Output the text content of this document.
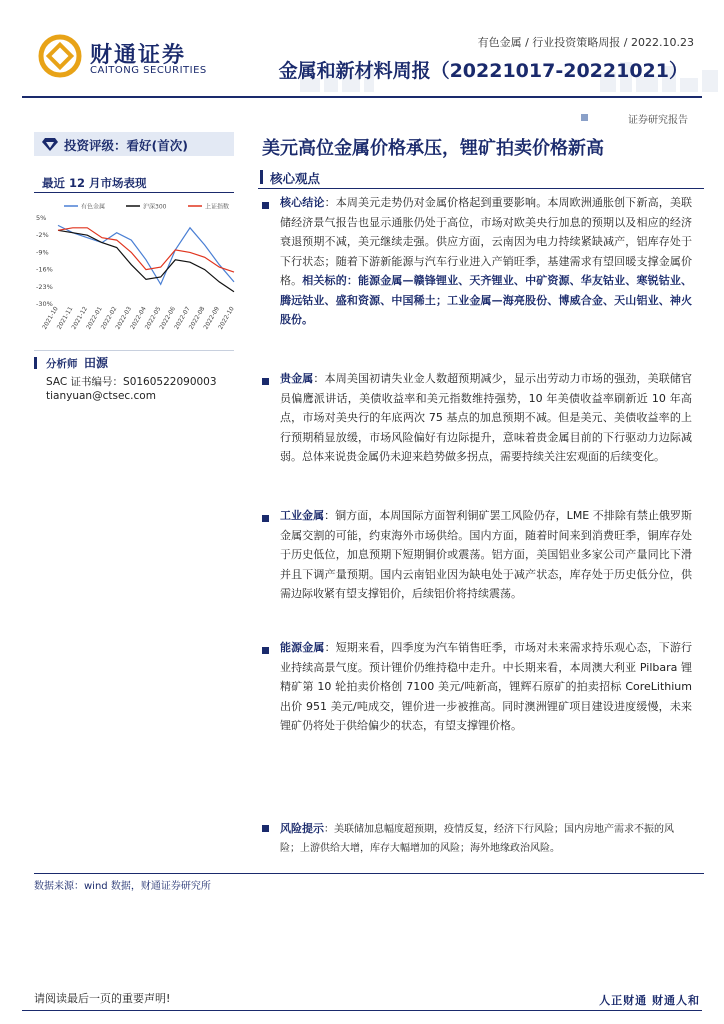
财通证券
CAITONG SECURITIES
有色金属 / 行业投资策略周报 / 2022.10.23
金属和新材料周报（20221017-20221021）
证券研究报告
投资评级：看好(首次)
最近 12 月市场表现
有色金属	沪深300	上证指数
5%
-2%
-9%
-16%
-23%
-30%
2021-10
2021-11
2021-12
2022-01
2022-02
2022-03
2022-04
2022-05
2022-06
2022-07
2022-08
2022-09
2022-10
分析师 田源
SAC 证书编号：S0160522090003
tianyuan@ctsec.com
美元高位金属价格承压，锂矿拍卖价格新高
核心观点
核心结论：本周美元走势仍对金属价格起到重要影响。本周欧洲通胀创下新高，美联储经济景气报告也显示通胀仍处于高位，市场对欧美央行加息的预期以及相应的经济衰退预期不减，美元继续走强。供应方面，云南因为电力持续紧缺减产，铝库存处于下行状态；随着下游新能源与汽车行业进入产销旺季，基建需求有望回暖支撑金属价格。相关标的：能源金属—赣锋锂业、天齐锂业、中矿资源、华友钴业、寒锐钴业、腾远钴业、盛和资源、中国稀土；工业金属—海亮股份、博威合金、天山铝业、神火股份。
贵金属：本周美国初请失业金人数超预期减少，显示出劳动力市场的强劲，美联储官员偏鹰派讲话，美债收益率和美元指数维持强势，10 年美债收益率刷新近 10 年高点，市场对美央行的年底两次 75 基点的加息预期不减。但是美元、美债收益率的上行预期稍显放缓，市场风险偏好有边际提升，意味着贵金属目前的下行驱动力边际减弱。总体来说贵金属仍未迎来趋势做多拐点，需要持续关注宏观面的后续变化。
工业金属：铜方面，本周国际方面智利铜矿罢工风险仍存，LME 不排除有禁止俄罗斯金属交割的可能，约束海外市场供给。国内方面，随着时间来到消费旺季，铜库存处于历史低位，加息预期下短期铜价或震荡。铝方面，美国铝业多家公司产量同比下滑并且下调产量预期。国内云南铝业因为缺电处于减产状态，库存处于历史低分位，供需边际收紧有望支撑铝价，后续铝价将持续震荡。
能源金属：短期来看，四季度为汽车销售旺季，市场对未来需求持乐观心态，下游行业持续高景气度。预计锂价仍维持稳中走升。中长期来看，本周澳大利亚 Pilbara 锂精矿第 10 轮拍卖价格创 7100 美元/吨新高，锂辉石原矿的拍卖招标 CoreLithium 出价 951 美元/吨成交，锂价进一步被推高。同时澳洲锂矿项目建设进度缓慢，未来锂矿仍将处于供给偏少的状态，有望支撑锂价格。
风险提示：美联储加息幅度超预期，疫情反复，经济下行风险；国内房地产需求不振的风险；上游供给大增，库存大幅增加的风险；海外地缘政治风险。
数据来源：wind 数据，财通证券研究所
请阅读最后一页的重要声明!	人正财通 财通人和
